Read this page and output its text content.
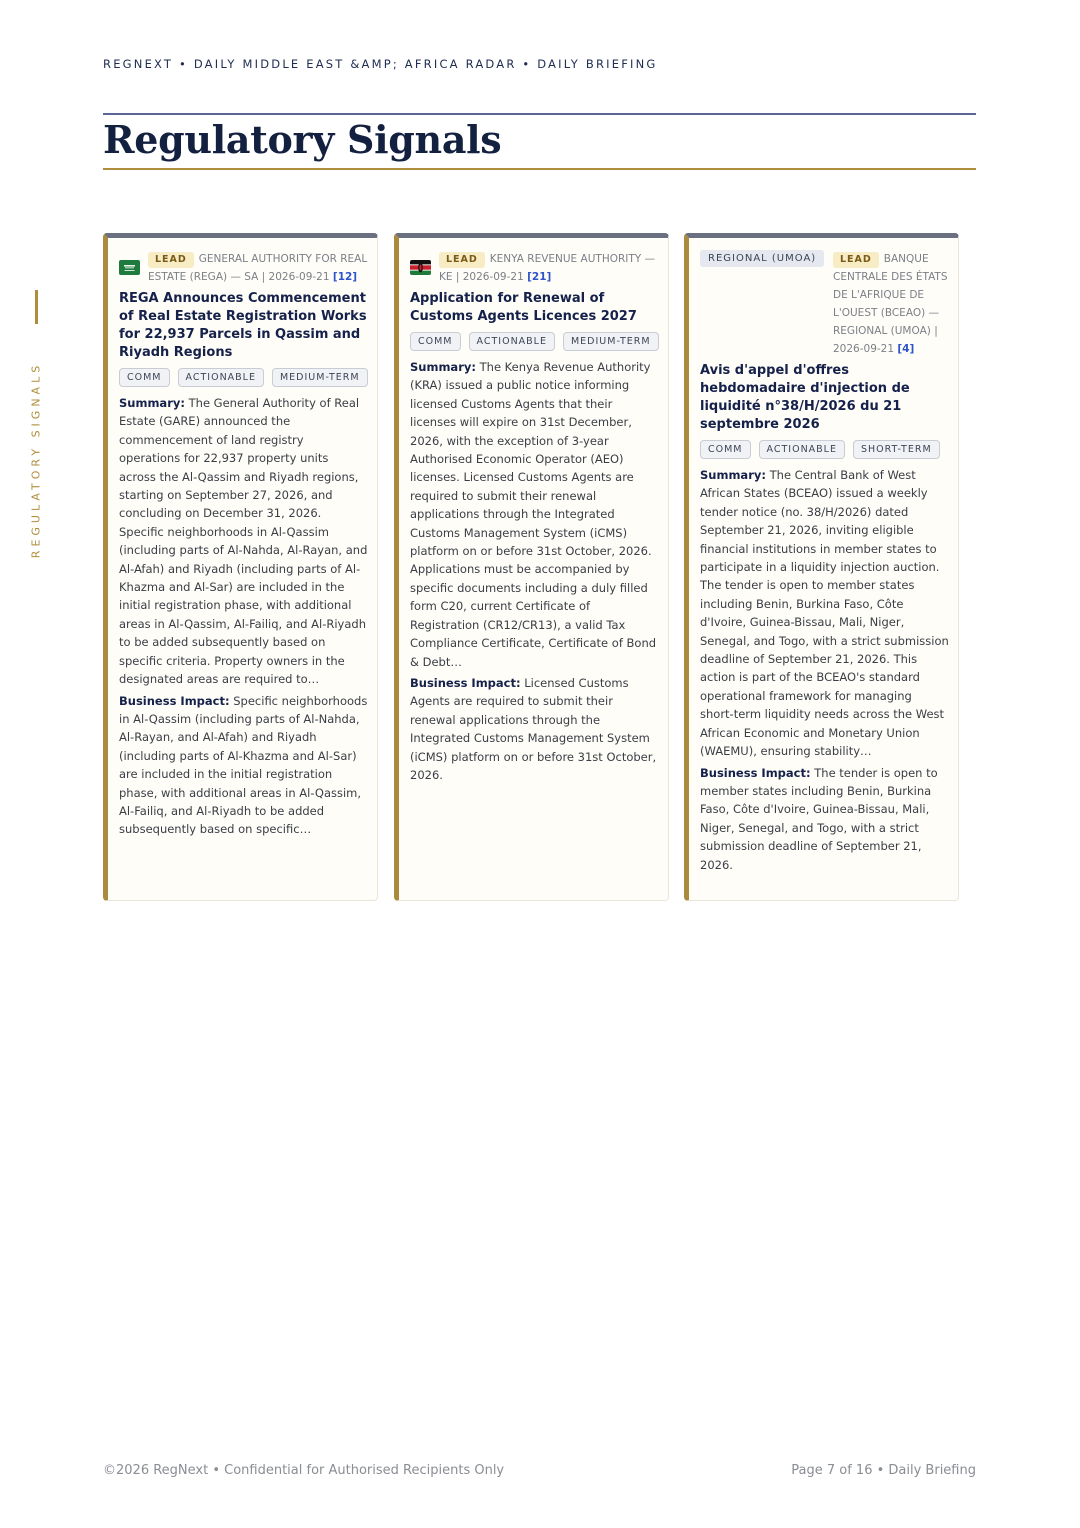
REGNEXT • DAILY MIDDLE EAST &AMP; AFRICA RADAR • DAILY BRIEFING
Regulatory Signals
REGULATORY SIGNALS
LEAD GENERAL AUTHORITY FOR REAL ESTATE (REGA) — SA | 2026-09-21 [12]
REGA Announces Commencement of Real Estate Registration Works for 22,937 Parcels in Qassim and Riyadh Regions
COMM	ACTIONABLE	MEDIUM-TERM

Summary: The General Authority of Real Estate (GARE) announced the commencement of land registry operations for 22,937 property units across the Al-Qassim and Riyadh regions, starting on September 27, 2026, and concluding on December 31, 2026. Specific neighborhoods in Al-Qassim (including parts of Al-Nahda, Al-Rayan, and Al-Afah) and Riyadh (including parts of Al-Khazma and Al-Sar) are included in the initial registration phase, with additional areas in Al-Qassim, Al-Failiq, and Al-Riyadh to be added subsequently based on specific criteria. Property owners in the designated areas are required to…

Business Impact: Specific neighborhoods in Al-Qassim (including parts of Al-Nahda, Al-Rayan, and Al-Afah) and Riyadh (including parts of Al-Khazma and Al-Sar) are included in the initial registration phase, with additional areas in Al-Qassim, Al-Failiq, and Al-Riyadh to be added subsequently based on specific…

LEAD KENYA REVENUE AUTHORITY — KE | 2026-09-21 [21]
Application for Renewal of Customs Agents Licences 2027
COMM	ACTIONABLE	MEDIUM-TERM

Summary: The Kenya Revenue Authority (KRA) issued a public notice informing licensed Customs Agents that their licenses will expire on 31st December, 2026, with the exception of 3-year Authorised Economic Operator (AEO) licenses. Licensed Customs Agents are required to submit their renewal applications through the Integrated Customs Management System (iCMS) platform on or before 31st October, 2026. Applications must be accompanied by specific documents including a duly filled form C20, current Certificate of Registration (CR12/CR13), a valid Tax Compliance Certificate, Certificate of Bond & Debt…

Business Impact: Licensed Customs Agents are required to submit their renewal applications through the Integrated Customs Management System (iCMS) platform on or before 31st October, 2026.

REGIONAL (UMOA)	LEAD BANQUE CENTRALE DES ÉTATS DE L'AFRIQUE DE L'OUEST (BCEAO) — REGIONAL (UMOA) | 2026-09-21 [4]
Avis d'appel d'offres hebdomadaire d'injection de liquidité n°38/H/2026 du 21 septembre 2026
COMM	ACTIONABLE	SHORT-TERM

Summary: The Central Bank of West African States (BCEAO) issued a weekly tender notice (no. 38/H/2026) dated September 21, 2026, inviting eligible financial institutions in member states to participate in a liquidity injection auction. The tender is open to member states including Benin, Burkina Faso, Côte d'Ivoire, Guinea-Bissau, Mali, Niger, Senegal, and Togo, with a strict submission deadline of September 21, 2026. This action is part of the BCEAO's standard operational framework for managing short-term liquidity needs across the West African Economic and Monetary Union (WAEMU), ensuring stability…

Business Impact: The tender is open to member states including Benin, Burkina Faso, Côte d'Ivoire, Guinea-Bissau, Mali, Niger, Senegal, and Togo, with a strict submission deadline of September 21, 2026.

©2026 RegNext • Confidential for Authorised Recipients Only	Page 7 of 16 • Daily Briefing
